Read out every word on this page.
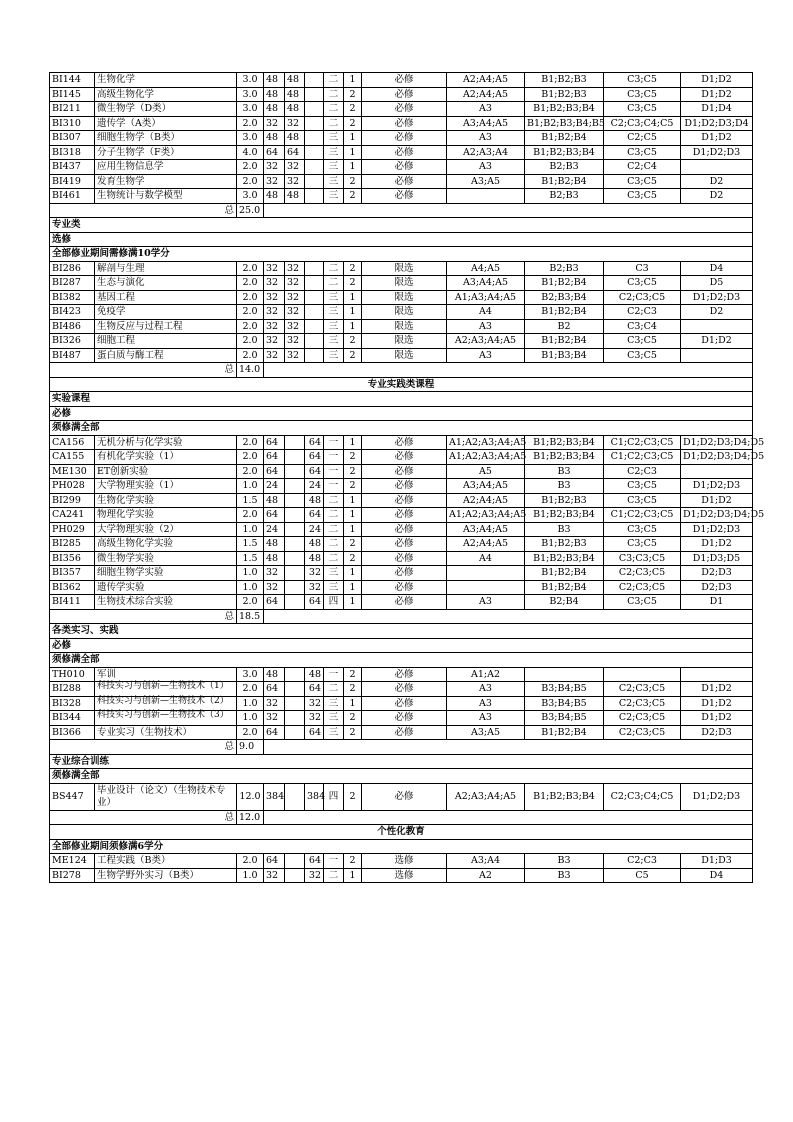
BI144	生物化学	3.0	48	48		二	1	必修	A2;A4;A5	B1;B2;B3	C3;C5	D1;D2
BI145	高级生物化学	3.0	48	48		二	2	必修	A2;A4;A5	B1;B2;B3	C3;C5	D1;D2
BI211	微生物学（D类）	3.0	48	48		二	2	必修	A3	B1;B2;B3;B4	C3;C5	D1;D4
BI310	遗传学（A类）	2.0	32	32		二	2	必修	A3;A4;A5	B1;B2;B3;B4;B5	C2;C3;C4;C5	D1;D2;D3;D4
BI307	细胞生物学（B类）	3.0	48	48		三	1	必修	A3	B1;B2;B4	C2;C5	D1;D2
BI318	分子生物学（F类）	4.0	64	64		三	1	必修	A2;A3;A4	B1;B2;B3;B4	C3;C5	D1;D2;D3
BI437	应用生物信息学	2.0	32	32		三	1	必修	A3	B2;B3	C2;C4	
BI419	发育生物学	2.0	32	32		三	2	必修	A3;A5	B1;B2;B4	C3;C5	D2
BI461	生物统计与数学模型	3.0	48	48		三	2	必修		B2;B3	C3;C5	D2
总		25.0										
专业类												
选修												
全部修业期间需修满10学分												
BI286	解剖与生理	2.0	32	32		二	2	限选	A4;A5	B2;B3	C3	D4
BI287	生态与演化	2.0	32	32		二	2	限选	A3;A4;A5	B1;B2;B4	C3;C5	D5
BI382	基因工程	2.0	32	32		三	1	限选	A1;A3;A4;A5	B2;B3;B4	C2;C3;C5	D1;D2;D3
BI423	免疫学	2.0	32	32		三	1	限选	A4	B1;B2;B4	C2;C3	D2
BI486	生物反应与过程工程	2.0	32	32		三	1	限选	A3	B2	C3;C4	
BI326	细胞工程	2.0	32	32		三	2	限选	A2;A3;A4;A5	B1;B2;B4	C3;C5	D1;D2
BI487	蛋白质与酶工程	2.0	32	32		三	2	限选	A3	B1;B3;B4	C3;C5	
总		14.0										
专业实践类课程												
实验课程												
必修												
须修满全部												
CA156	无机分析与化学实验	2.0	64		64	一	1	必修	A1;A2;A3;A4;A5	B1;B2;B3;B4	C1;C2;C3;C5	D1;D2;D3;D4;D5
CA155	有机化学实验（1）	2.0	64		64	一	2	必修	A1;A2;A3;A4;A5	B1;B2;B3;B4	C1;C2;C3;C5	D1;D2;D3;D4;D5
ME130	ET创新实验	2.0	64		64	一	2	必修	A5	B3	C2;C3	
PH028	大学物理实验（1）	1.0	24		24	一	2	必修	A3;A4;A5	B3	C3;C5	D1;D2;D3
BI299	生物化学实验	1.5	48		48	二	1	必修	A2;A4;A5	B1;B2;B3	C3;C5	D1;D2
CA241	物理化学实验	2.0	64		64	二	1	必修	A1;A2;A3;A4;A5	B1;B2;B3;B4	C1;C2;C3;C5	D1;D2;D3;D4;D5
PH029	大学物理实验（2）	1.0	24		24	二	1	必修	A3;A4;A5	B3	C3;C5	D1;D2;D3
BI285	高级生物化学实验	1.5	48		48	二	2	必修	A2;A4;A5	B1;B2;B3	C3;C5	D1;D2
BI356	微生物学实验	1.5	48		48	二	2	必修	A4	B1;B2;B3;B4	C3;C3;C5	D1;D3;D5
BI357	细胞生物学实验	1.0	32		32	三	1	必修		B1;B2;B4	C2;C3;C5	D2;D3
BI362	遗传学实验	1.0	32		32	三	1	必修		B1;B2;B4	C2;C3;C5	D2;D3
BI411	生物技术综合实验	2.0	64		64	四	1	必修	A3	B2;B4	C3;C5	D1
总		18.5										
各类实习、实践												
必修												
须修满全部												
TH010	军训	3.0	48		48	一	2	必修	A1;A2			
BI288	科技实习与创新—生物技术（1）	2.0	64		64	二	2	必修	A3	B3;B4;B5	C2;C3;C5	D1;D2
BI328	科技实习与创新—生物技术（2）	1.0	32		32	三	1	必修	A3	B3;B4;B5	C2;C3;C5	D1;D2
BI344	科技实习与创新—生物技术（3）	1.0	32		32	三	2	必修	A3	B3;B4;B5	C2;C3;C5	D1;D2
BI366	专业实习（生物技术）	2.0	64		64	三	2	必修	A3;A5	B1;B2;B4	C2;C3;C5	D2;D3
总		9.0										
专业综合训练												
须修满全部												
BS447	毕业设计（论文）（生物技术专业）	12.0	384		384	四	2	必修	A2;A3;A4;A5	B1;B2;B3;B4	C2;C3;C4;C5	D1;D2;D3
总		12.0										
个性化教育												
全部修业期间须修满6学分												
ME124	工程实践（B类）	2.0	64		64	一	2	选修	A3;A4	B3	C2;C3	D1;D3
BI278	生物学野外实习（B类）	1.0	32		32	二	1	选修	A2	B3	C5	D4
